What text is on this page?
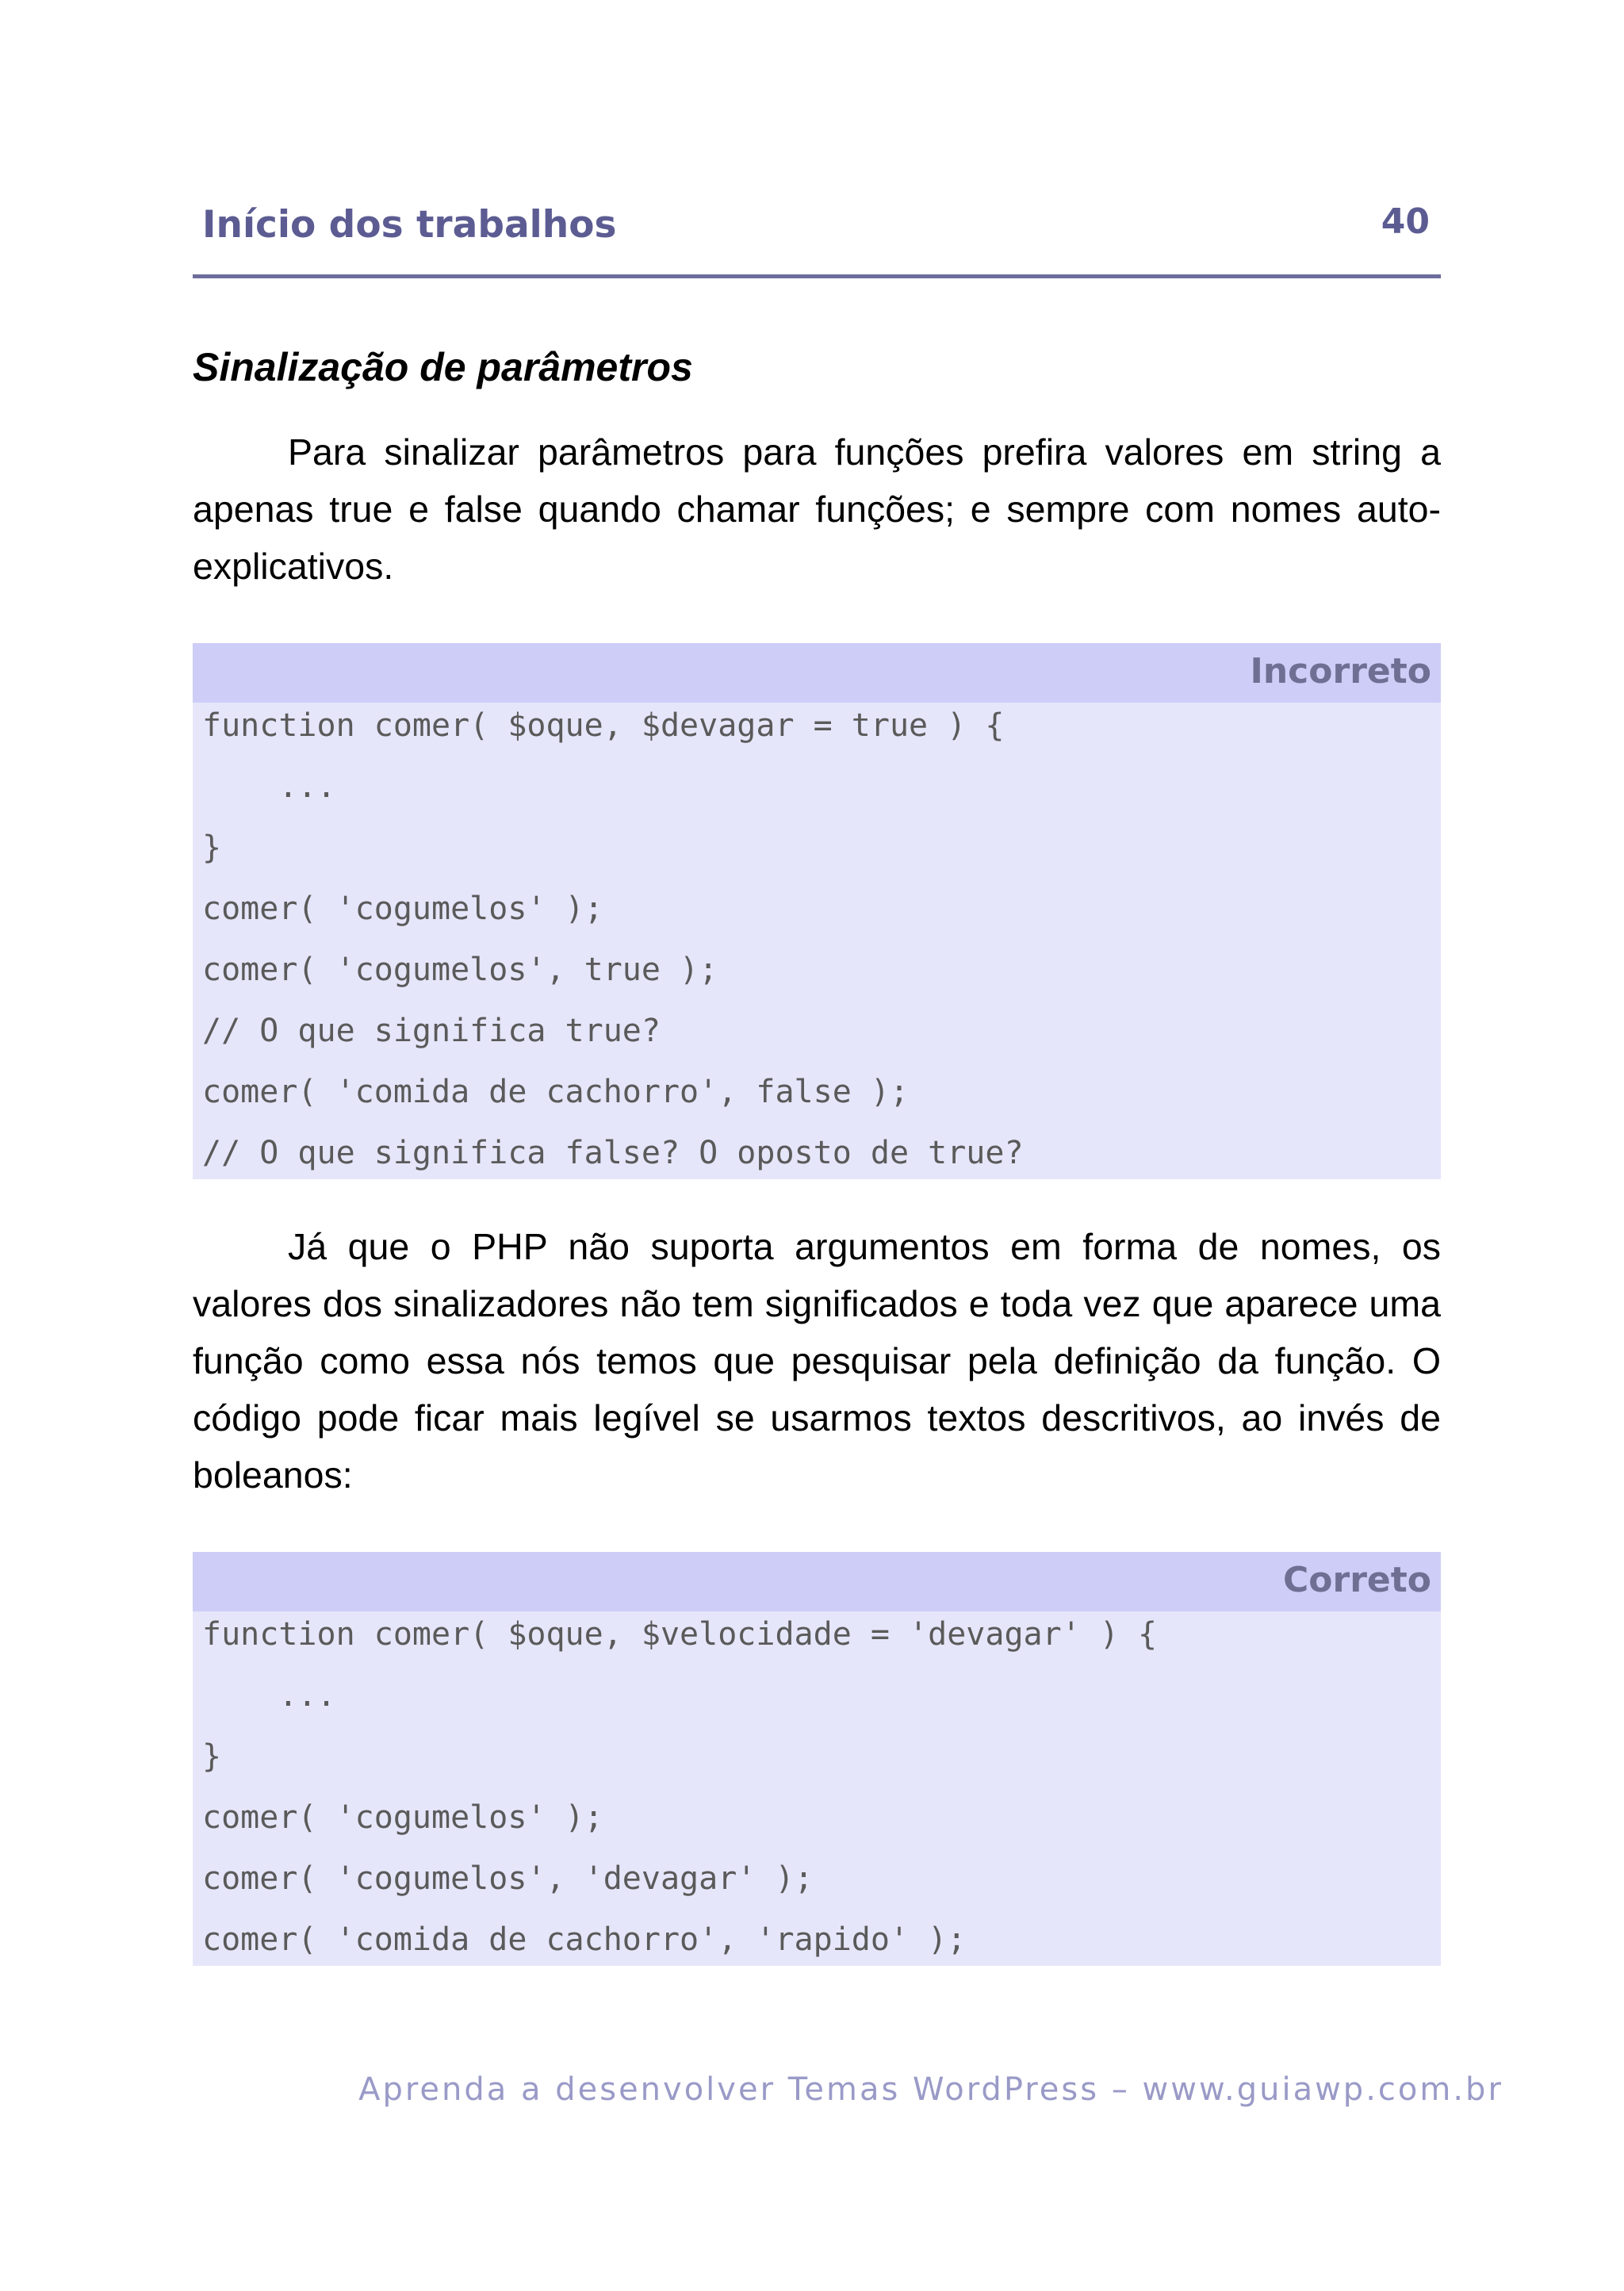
Início dos trabalhos	40
Sinalização de parâmetros

Para sinalizar parâmetros para funções prefira valores em string a apenas true e false quando chamar funções; e sempre com nomes auto-explicativos.

Incorreto
function comer( $oque, $devagar = true ) {
...
}
comer( 'cogumelos' );
comer( 'cogumelos', true );
// O que significa true?
comer( 'comida de cachorro', false );
// O que significa false? O oposto de true?

Já que o PHP não suporta argumentos em forma de nomes, os valores dos sinalizadores não tem significados e toda vez que aparece uma função como essa nós temos que pesquisar pela definição da função. O código pode ficar mais legível se usarmos textos descritivos, ao invés de boleanos:

Correto
function comer( $oque, $velocidade = 'devagar' ) {
...
}
comer( 'cogumelos' );
comer( 'cogumelos', 'devagar' );
comer( 'comida de cachorro', 'rapido' );
Aprenda a desenvolver Temas WordPress – www.guiawp.com.br
